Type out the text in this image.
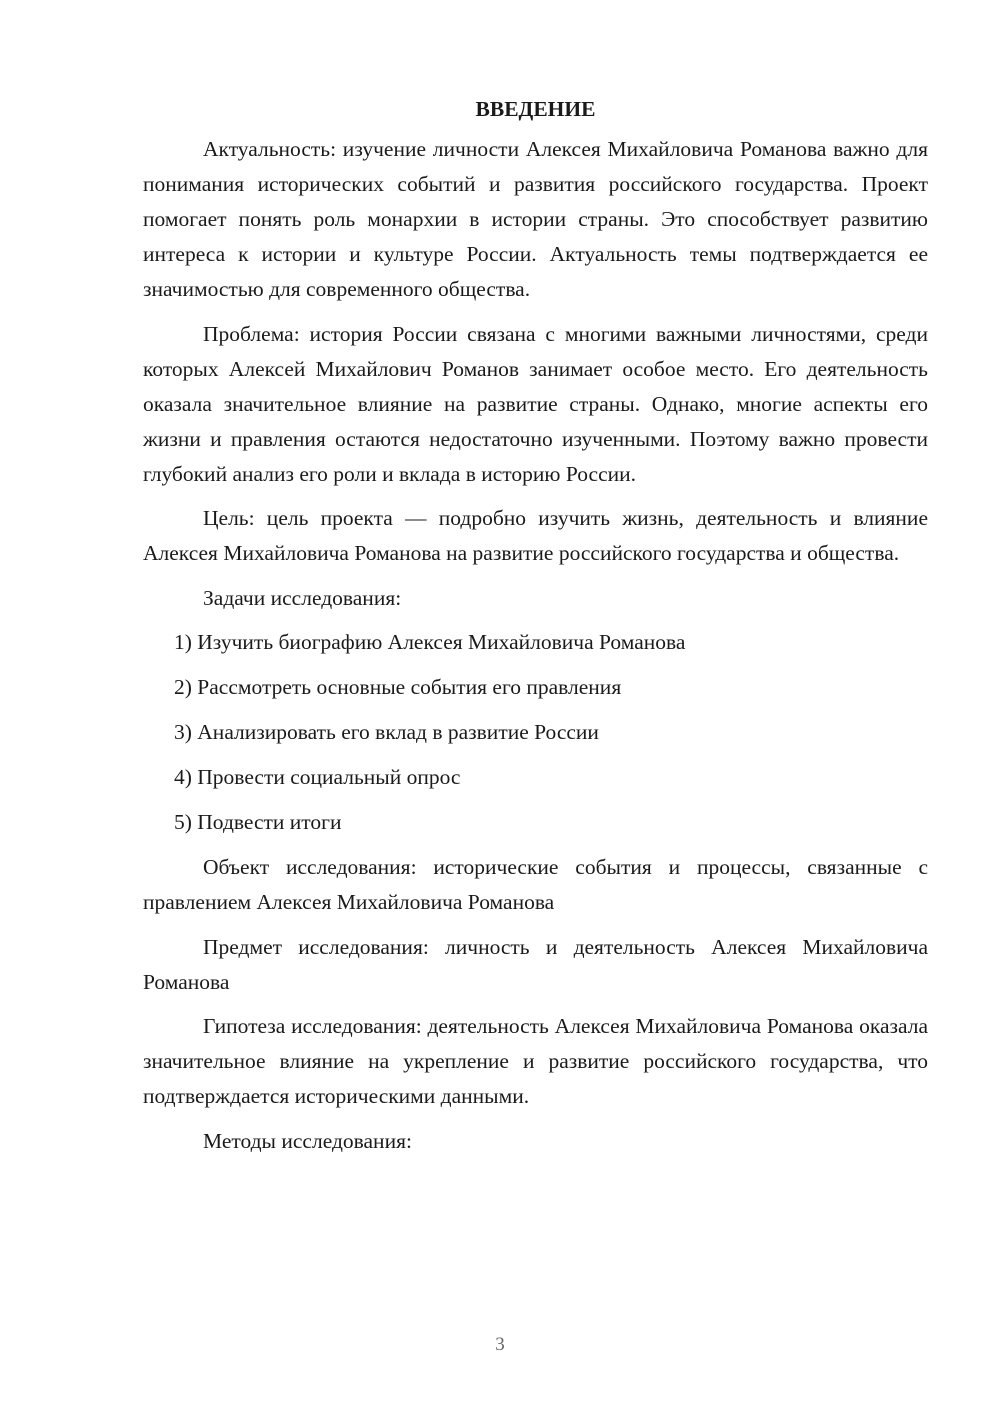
ВВЕДЕНИЕ

Актуальность: изучение личности Алексея Михайловича Романова важно для понимания исторических событий и развития российского государства. Проект помогает понять роль монархии в истории страны. Это способствует развитию интереса к истории и культуре России. Актуальность темы подтверждается ее значимостью для современного общества.

Проблема: история России связана с многими важными личностями, среди которых Алексей Михайлович Романов занимает особое место. Его деятельность оказала значительное влияние на развитие страны. Однако, многие аспекты его жизни и правления остаются недостаточно изученными. Поэтому важно провести глубокий анализ его роли и вклада в историю России.

Цель: цель проекта — подробно изучить жизнь, деятельность и влияние Алексея Михайловича Романова на развитие российского государства и общества.

Задачи исследования:

1) Изучить биографию Алексея Михайловича Романова
2) Рассмотреть основные события его правления
3) Анализировать его вклад в развитие России
4) Провести социальный опрос
5) Подвести итоги

Объект исследования: исторические события и процессы, связанные с правлением Алексея Михайловича Романова

Предмет исследования: личность и деятельность Алексея Михайловича Романова

Гипотеза исследования: деятельность Алексея Михайловича Романова оказала значительное влияние на укрепление и развитие российского государства, что подтверждается историческими данными.

Методы исследования:

3
